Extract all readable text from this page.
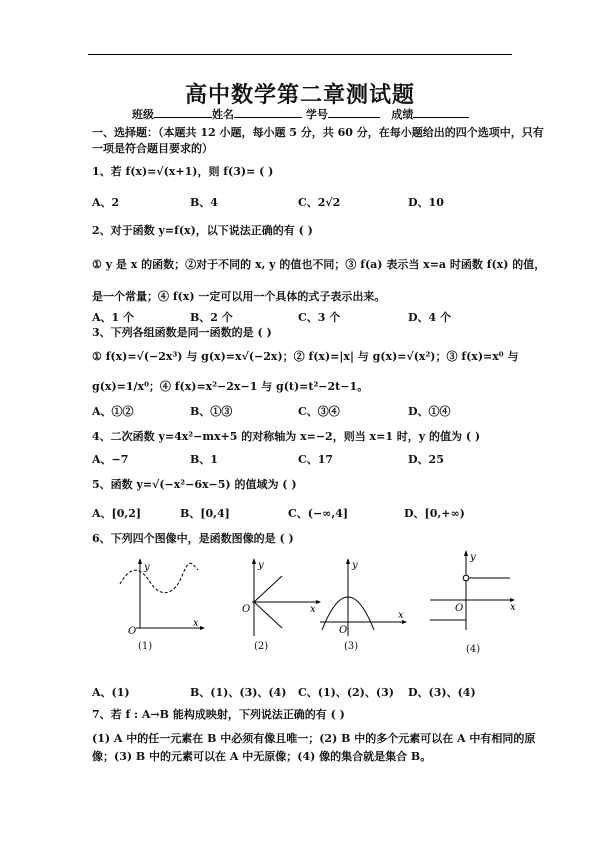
高中数学第二章测试题
班级	姓名	学号	成绩
一、选择题：（本题共 12 小题，每小题 5 分，共 60 分，在每小题给出的四个选项中，只有
一项是符合题目要求的）
1、若 f(x)=√(x+1)，则 f(3)= ( )
A、2	B、4	C、2√2	D、10
2、对于函数 y=f(x)，以下说法正确的有 ( )
① y 是 x 的函数；②对于不同的 x, y 的值也不同；③ f(a) 表示当 x=a 时函数 f(x) 的值，
是一个常量；④ f(x) 一定可以用一个具体的式子表示出来。
A、1 个	B、2 个	C、3 个	D、4 个
3、下列各组函数是同一函数的是 ( )
① f(x)=√(−2x³) 与 g(x)=x√(−2x)；② f(x)=|x| 与 g(x)=√(x²)；③ f(x)=x⁰ 与
g(x)=1/x⁰；④ f(x)=x²−2x−1 与 g(t)=t²−2t−1。
A、①②	B、①③	C、③④	D、①④
4、二次函数 y=4x²−mx+5 的对称轴为 x=−2，则当 x=1 时，y 的值为 ( )
A、−7	B、1	C、17	D、25
5、函数 y=√(−x²−6x−5) 的值域为 ( )
A、[0,2]	B、[0,4]	C、(−∞,4]	D、[0,+∞)
6、下列四个图像中，是函数图像的是 ( )
y
x
O
(1)
y
x
O
(2)
y
x
O
(3)
y
x
O
(4)
A、(1)	B、(1)、(3)、(4) C、(1)、(2)、(3) D、(3)、(4)
7、若 f : A→B 能构成映射，下列说法正确的有 ( )
(1) A 中的任一元素在 B 中必须有像且唯一；(2) B 中的多个元素可以在 A 中有相同的原
像；(3) B 中的元素可以在 A 中无原像；(4) 像的集合就是集合 B。
